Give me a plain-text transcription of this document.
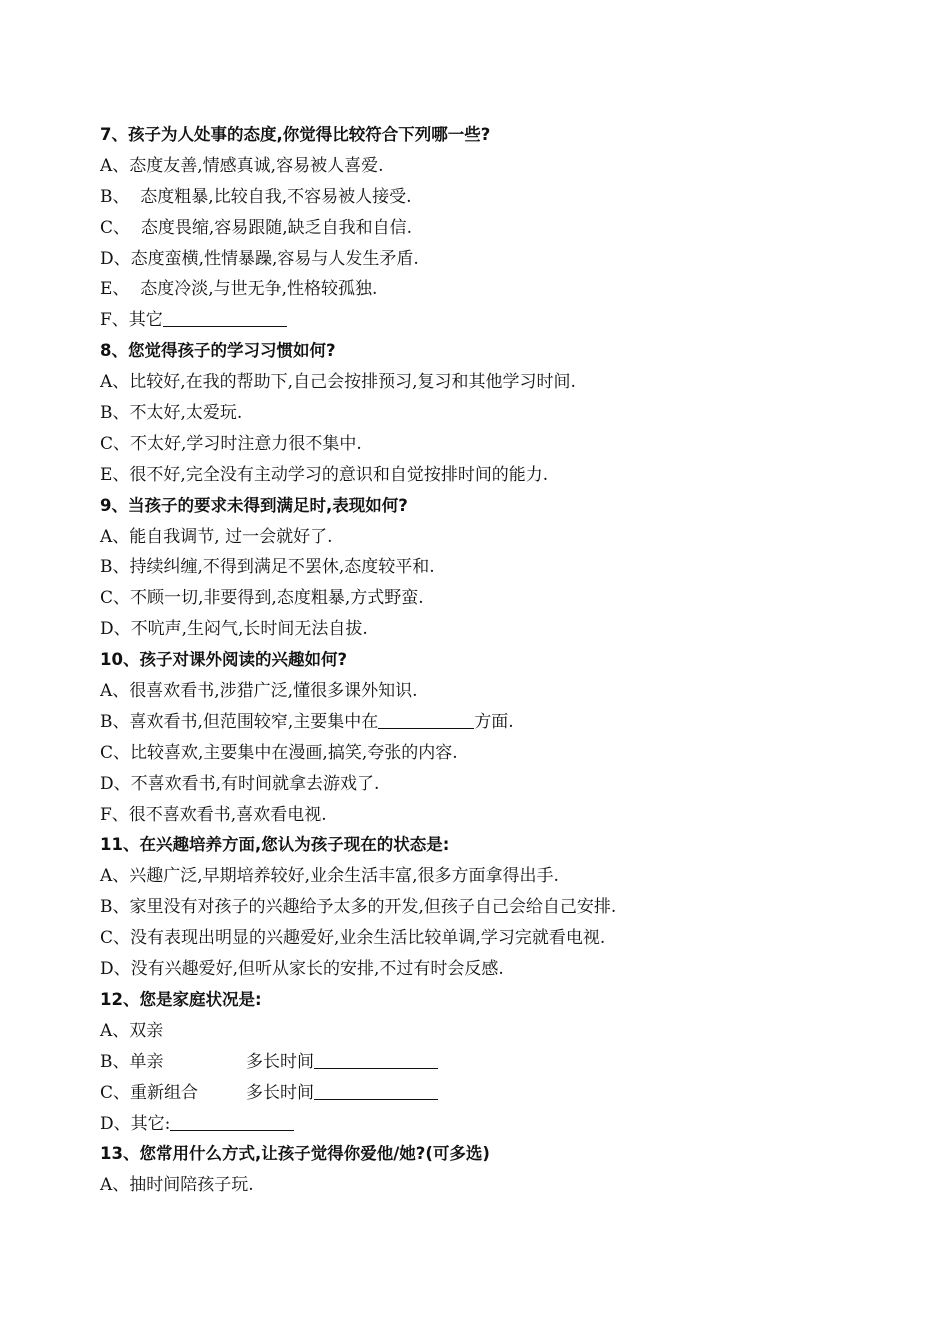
7、孩子为人处事的态度,你觉得比较符合下列哪一些?
A、态度友善,情感真诚,容易被人喜爱.
B、  态度粗暴,比较自我,不容易被人接受.
C、  态度畏缩,容易跟随,缺乏自我和自信.
D、态度蛮横,性情暴躁,容易与人发生矛盾.
E、  态度冷淡,与世无争,性格较孤独.
F、其它
8、您觉得孩子的学习习惯如何?
A、比较好,在我的帮助下,自己会按排预习,复习和其他学习时间.
B、不太好,太爱玩.
C、不太好,学习时注意力很不集中.
E、很不好,完全没有主动学习的意识和自觉按排时间的能力.
9、当孩子的要求未得到满足时,表现如何?
A、能自我调节, 过一会就好了.
B、持续纠缠,不得到满足不罢休,态度较平和.
C、不顾一切,非要得到,态度粗暴,方式野蛮.
D、不吭声,生闷气,长时间无法自拔.
10、孩子对课外阅读的兴趣如何?
A、很喜欢看书,涉猎广泛,懂很多课外知识.
B、喜欢看书,但范围较窄,主要集中在	方面.
C、比较喜欢,主要集中在漫画,搞笑,夸张的内容.
D、不喜欢看书,有时间就拿去游戏了.
F、很不喜欢看书,喜欢看电视.
11、在兴趣培养方面,您认为孩子现在的状态是:
A、兴趣广泛,早期培养较好,业余生活丰富,很多方面拿得出手.
B、家里没有对孩子的兴趣给予太多的开发,但孩子自己会给自己安排.
C、没有表现出明显的兴趣爱好,业余生活比较单调,学习完就看电视.
D、没有兴趣爱好,但听从家长的安排,不过有时会反感.
12、您是家庭状况是:
A、双亲
B、单亲	多长时间
C、重新组合	多长时间
D、其它:
13、您常用什么方式,让孩子觉得你爱他/她?(可多选)
A、抽时间陪孩子玩.
